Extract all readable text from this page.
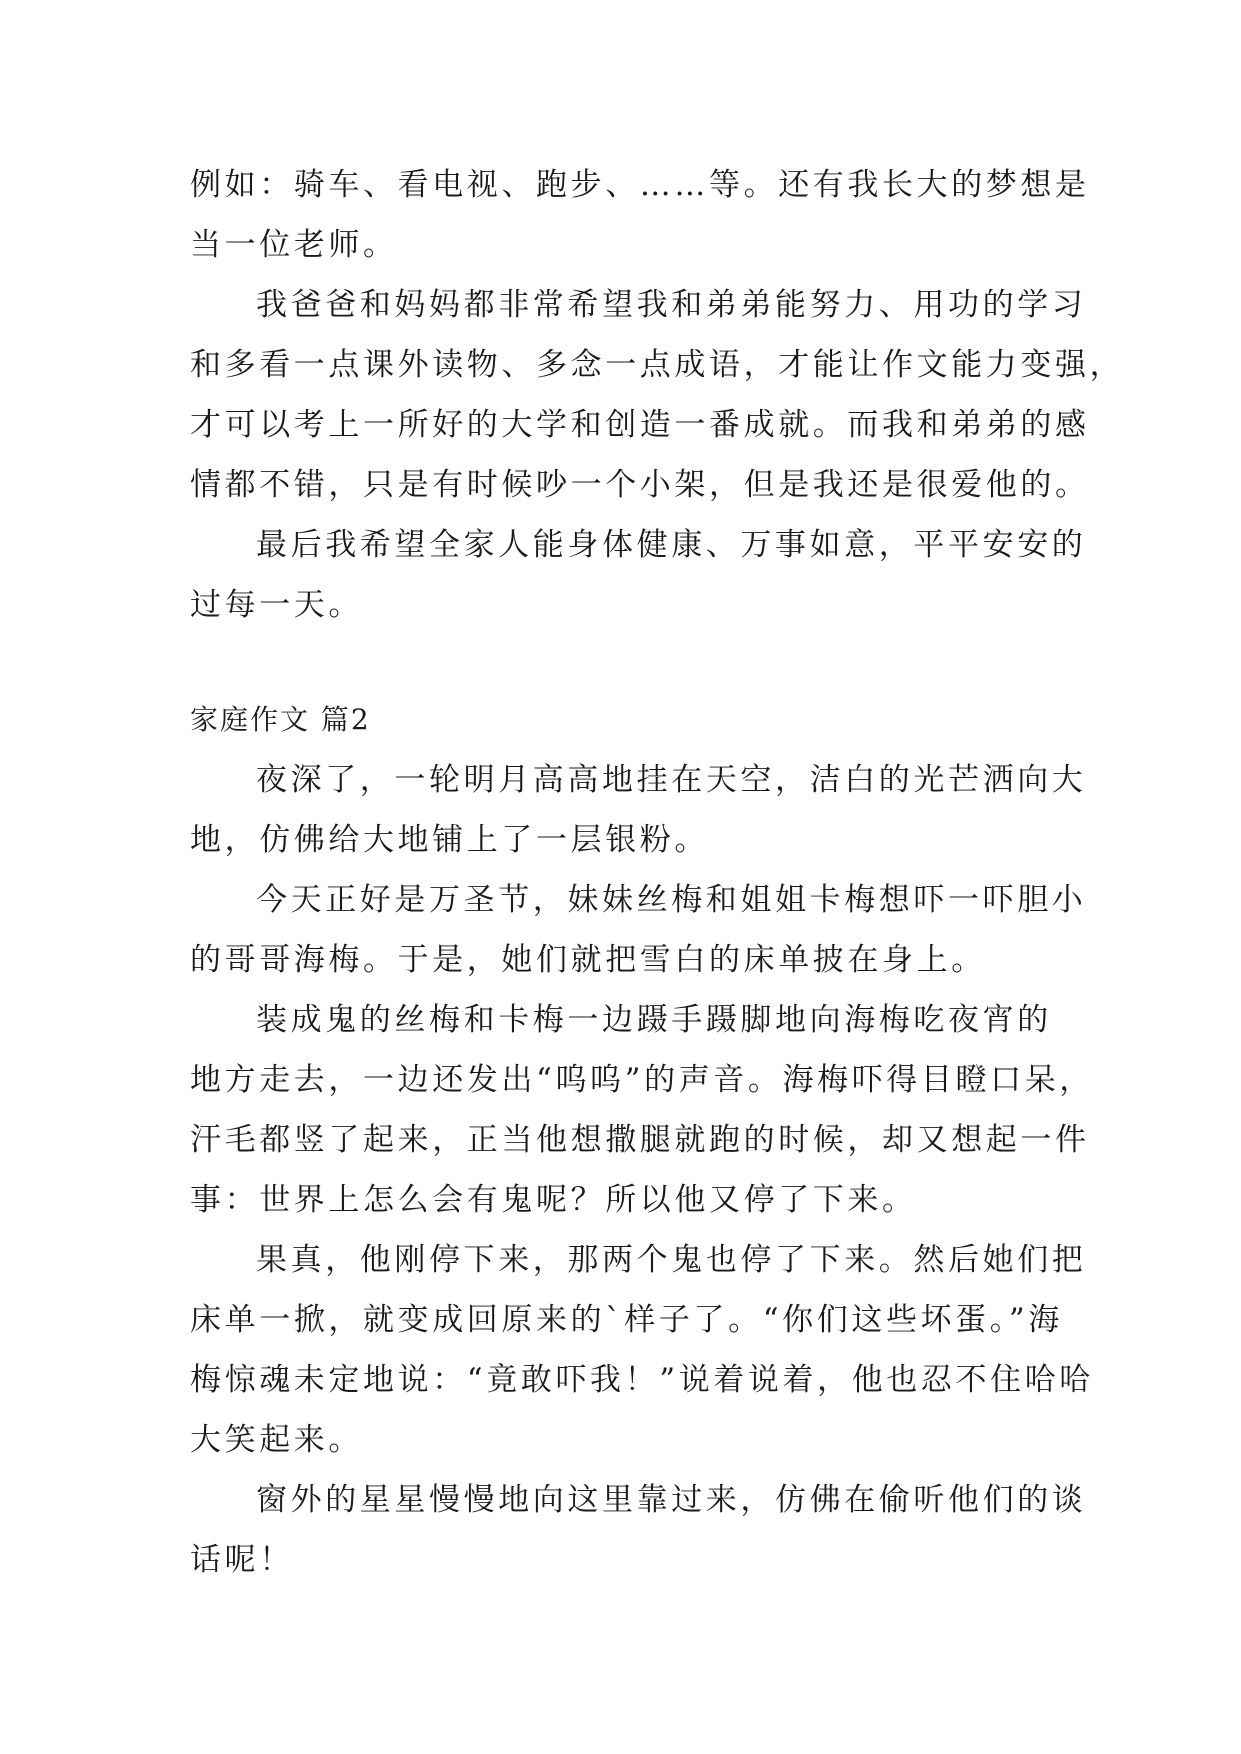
例如：骑车、看电视、跑步、……等。还有我长大的梦想是
当一位老师。
我爸爸和妈妈都非常希望我和弟弟能努力、用功的学习
和多看一点课外读物、多念一点成语，才能让作文能力变强，
才可以考上一所好的大学和创造一番成就。而我和弟弟的感
情都不错，只是有时候吵一个小架，但是我还是很爱他的。
最后我希望全家人能身体健康、万事如意，平平安安的
过每一天。
家庭作文 篇2
夜深了，一轮明月高高地挂在天空，洁白的光芒洒向大
地，仿佛给大地铺上了一层银粉。
今天正好是万圣节，妹妹丝梅和姐姐卡梅想吓一吓胆小
的哥哥海梅。于是，她们就把雪白的床单披在身上。
装成鬼的丝梅和卡梅一边蹑手蹑脚地向海梅吃夜宵的
地方走去，一边还发出“呜呜”的声音。海梅吓得目瞪口呆，
汗毛都竖了起来，正当他想撒腿就跑的时候，却又想起一件
事：世界上怎么会有鬼呢？所以他又停了下来。
果真，他刚停下来，那两个鬼也停了下来。然后她们把
床单一掀，就变成回原来的`样子了。“你们这些坏蛋。”海
梅惊魂未定地说：“竟敢吓我！”说着说着，他也忍不住哈哈
大笑起来。
窗外的星星慢慢地向这里靠过来，仿佛在偷听他们的谈
话呢！
